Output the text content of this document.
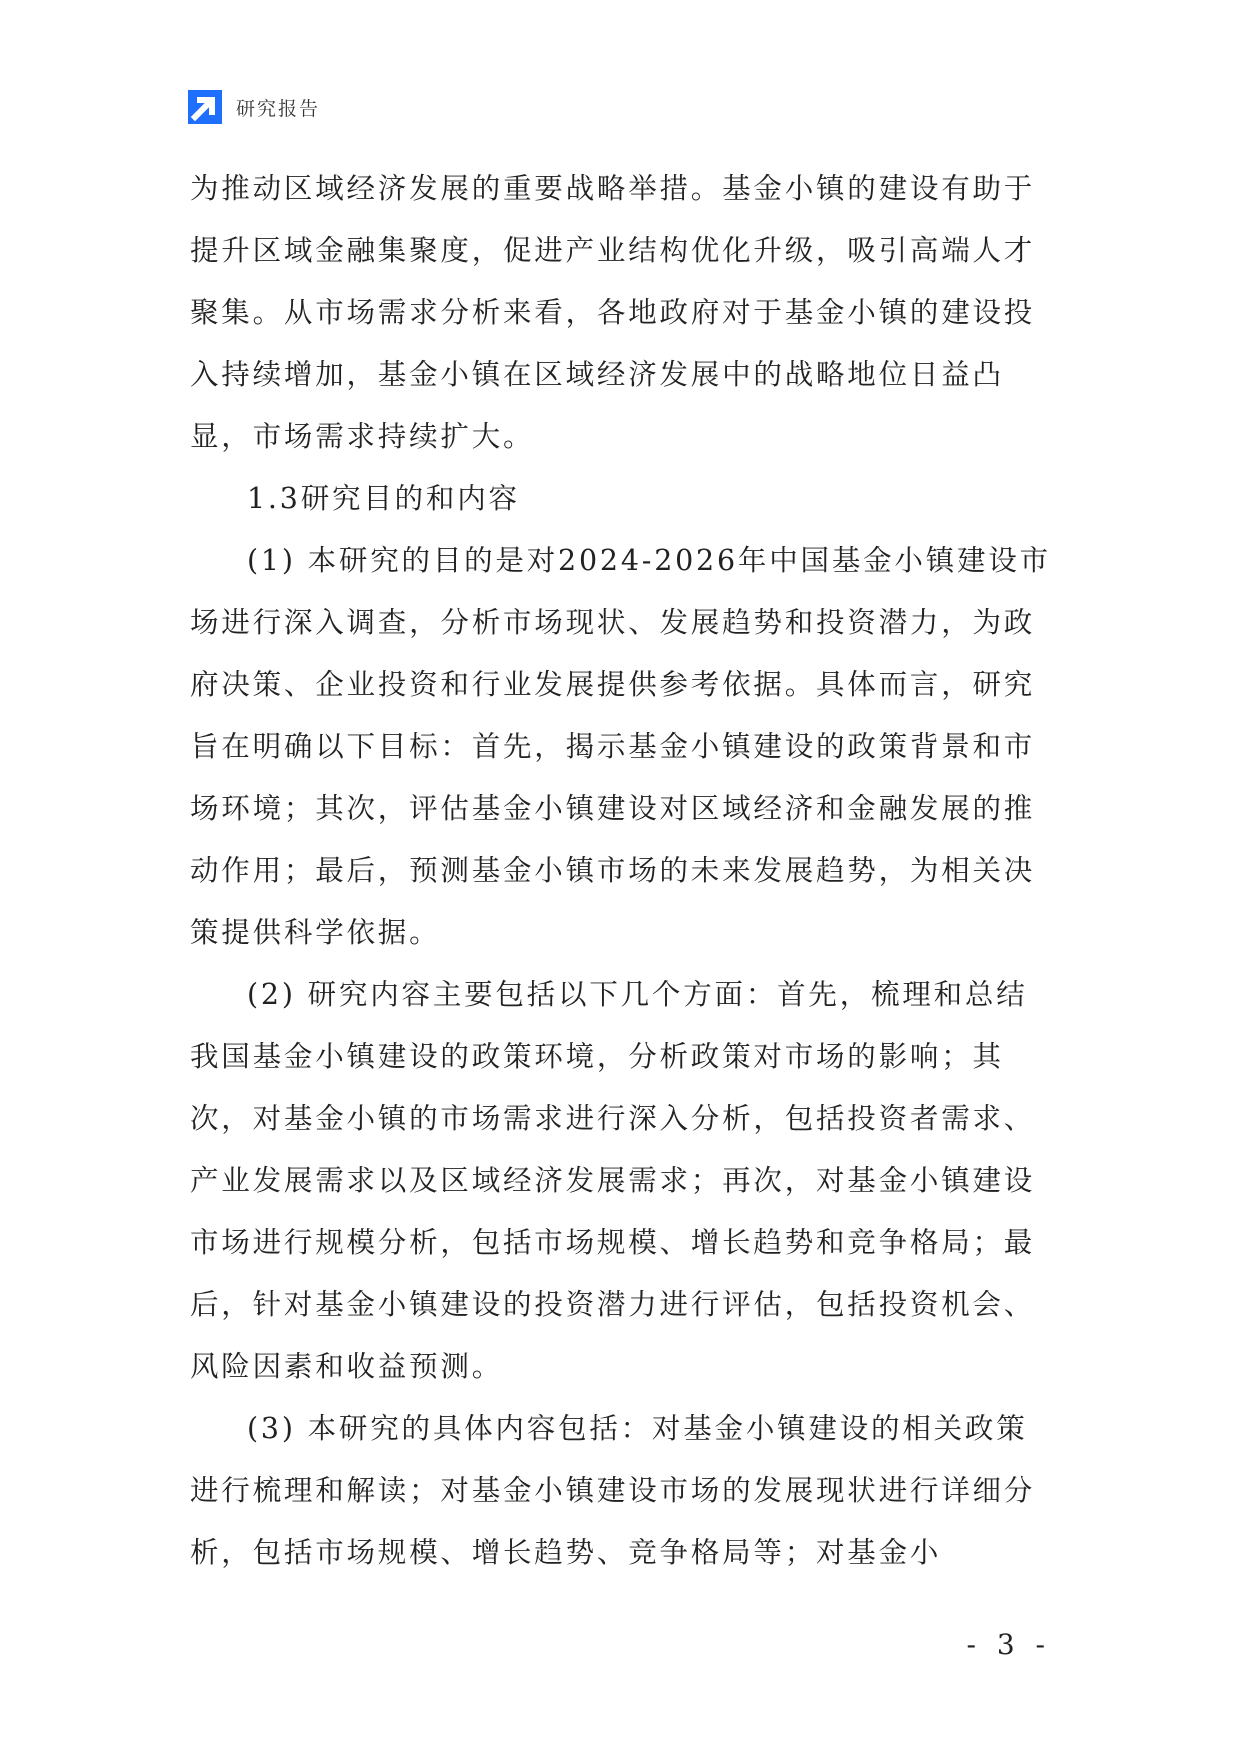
研究报告

为推动区域经济发展的重要战略举措。基金小镇的建设有助于提升区域金融集聚度，促进产业结构优化升级，吸引高端人才聚集。从市场需求分析来看，各地政府对于基金小镇的建设投入持续增加，基金小镇在区域经济发展中的战略地位日益凸显，市场需求持续扩大。

1.3研究目的和内容

(1) 本研究的目的是对2024-2026年中国基金小镇建设市场进行深入调查，分析市场现状、发展趋势和投资潜力，为政府决策、企业投资和行业发展提供参考依据。具体而言，研究旨在明确以下目标：首先，揭示基金小镇建设的政策背景和市场环境；其次，评估基金小镇建设对区域经济和金融发展的推动作用；最后，预测基金小镇市场的未来发展趋势，为相关决策提供科学依据。

(2) 研究内容主要包括以下几个方面：首先，梳理和总结我国基金小镇建设的政策环境，分析政策对市场的影响；其次，对基金小镇的市场需求进行深入分析，包括投资者需求、产业发展需求以及区域经济发展需求；再次，对基金小镇建设市场进行规模分析，包括市场规模、增长趋势和竞争格局；最后，针对基金小镇建设的投资潜力进行评估，包括投资机会、风险因素和收益预测。

(3) 本研究的具体内容包括：对基金小镇建设的相关政策进行梳理和解读；对基金小镇建设市场的发展现状进行详细分析，包括市场规模、增长趋势、竞争格局等；对基金小

- 3 -
